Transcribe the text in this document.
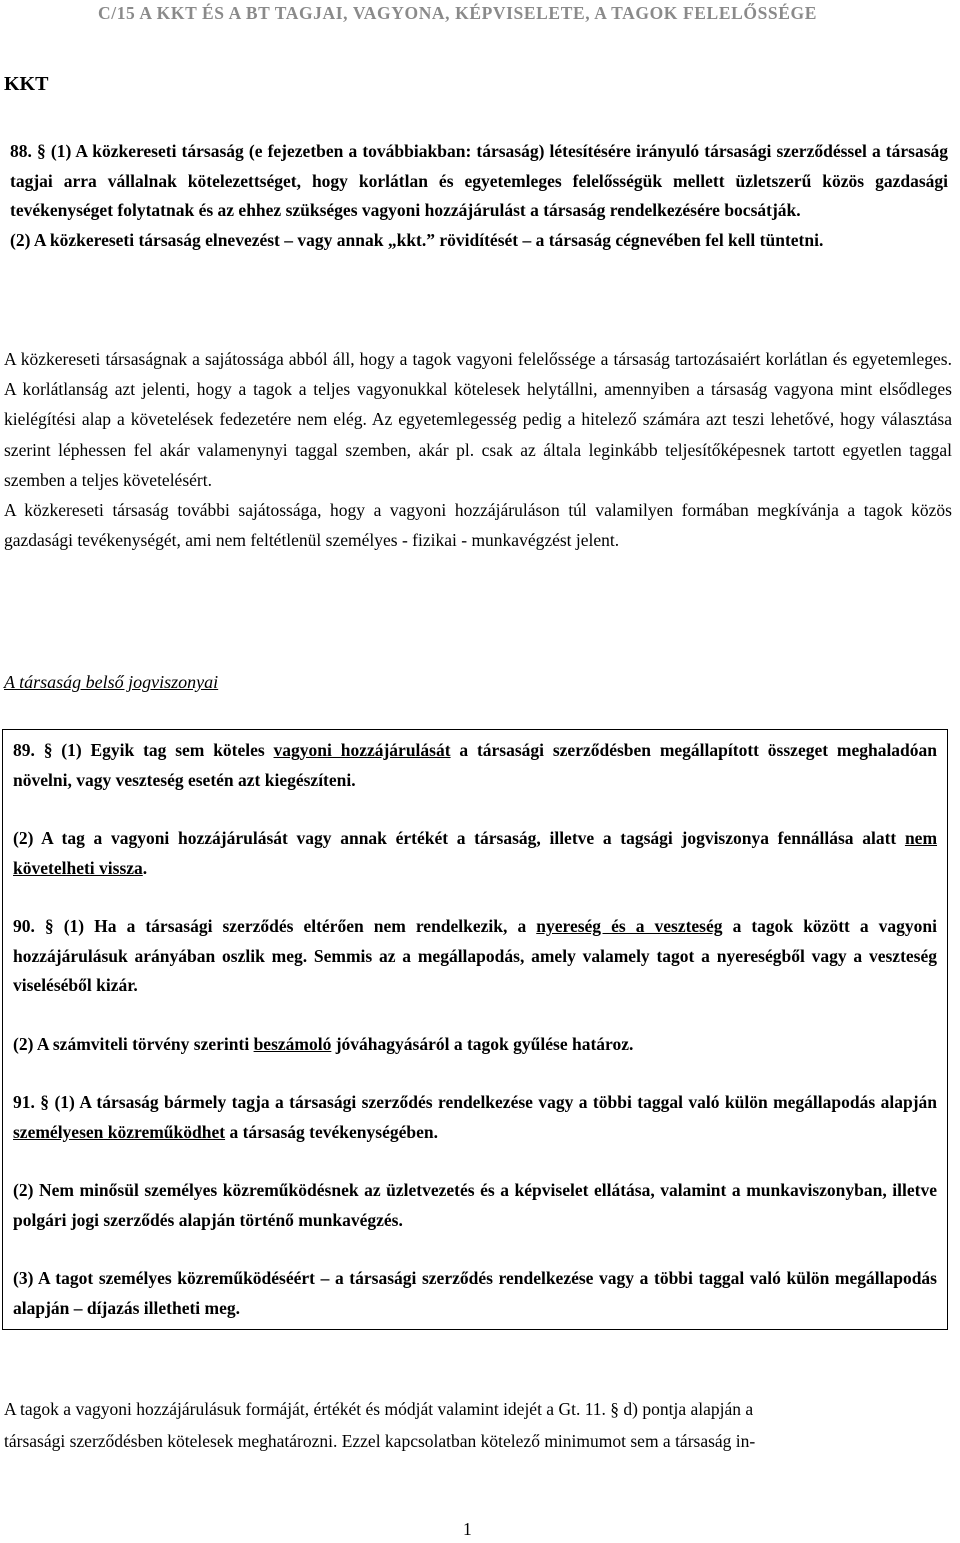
C/15 A KKT ÉS A BT TAGJAI, VAGYONA, KÉPVISELETE, A TAGOK FELELŐSSÉGE
KKT

88. § (1) A közkereseti társaság (e fejezetben a továbbiakban: társaság) létesítésére irányuló társasági szerződéssel a társaság tagjai arra vállalnak kötelezettséget, hogy korlátlan és egyetemleges felelősségük mellett üzletszerű közös gazdasági tevékenységet folytatnak és az ehhez szükséges vagyoni hozzájárulást a társaság rendelkezésére bocsátják.

(2) A közkereseti társaság elnevezést – vagy annak „kkt.” rövidítését – a társaság cégnevében fel kell tüntetni.

A közkereseti társaságnak a sajátossága abból áll, hogy a tagok vagyoni felelőssége a társaság tartozásaiért korlátlan és egyetemleges. A korlátlanság azt jelenti, hogy a tagok a teljes vagyonukkal kötelesek helytállni, amennyiben a társaság vagyona mint elsődleges kielégítési alap a követelések fedezetére nem elég. Az egyetemlegesség pedig a hitelező számára azt teszi lehetővé, hogy választása szerint léphessen fel akár valamenynyi taggal szemben, akár pl. csak az általa leginkább teljesítőképesnek tartott egyetlen taggal szemben a teljes követelésért.

A közkereseti társaság további sajátossága, hogy a vagyoni hozzájáruláson túl valamilyen formában megkívánja a tagok közös gazdasági tevékenységét, ami nem feltétlenül személyes - fizikai - munkavégzést jelent.

A társaság belső jogviszonyai

89. § (1) Egyik tag sem köteles vagyoni hozzájárulását a társasági szerződésben megállapított összeget meghaladóan növelni, vagy veszteség esetén azt kiegészíteni.

(2) A tag a vagyoni hozzájárulását vagy annak értékét a társaság, illetve a tagsági jogviszonya fennállása alatt nem követelheti vissza.

90. § (1) Ha a társasági szerződés eltérően nem rendelkezik, a nyereség és a veszteség a tagok között a vagyoni hozzájárulásuk arányában oszlik meg. Semmis az a megállapodás, amely valamely tagot a nyereségből vagy a veszteség viseléséből kizár.

(2) A számviteli törvény szerinti beszámoló jóváhagyásáról a tagok gyűlése határoz.

91. § (1) A társaság bármely tagja a társasági szerződés rendelkezése vagy a többi taggal való külön megállapodás alapján személyesen közreműködhet a társaság tevékenységében.

(2) Nem minősül személyes közreműködésnek az üzletvezetés és a képviselet ellátása, valamint a munkaviszonyban, illetve polgári jogi szerződés alapján történő munkavégzés.

(3) A tagot személyes közreműködéséért – a társasági szerződés rendelkezése vagy a többi taggal való külön megállapodás alapján – díjazás illetheti meg.

A tagok a vagyoni hozzájárulásuk formáját, értékét és módját valamint idejét a Gt. 11. § d) pontja alapján a

társasági szerződésben kötelesek meghatározni. Ezzel kapcsolatban kötelező minimumot sem a társaság in-

1
